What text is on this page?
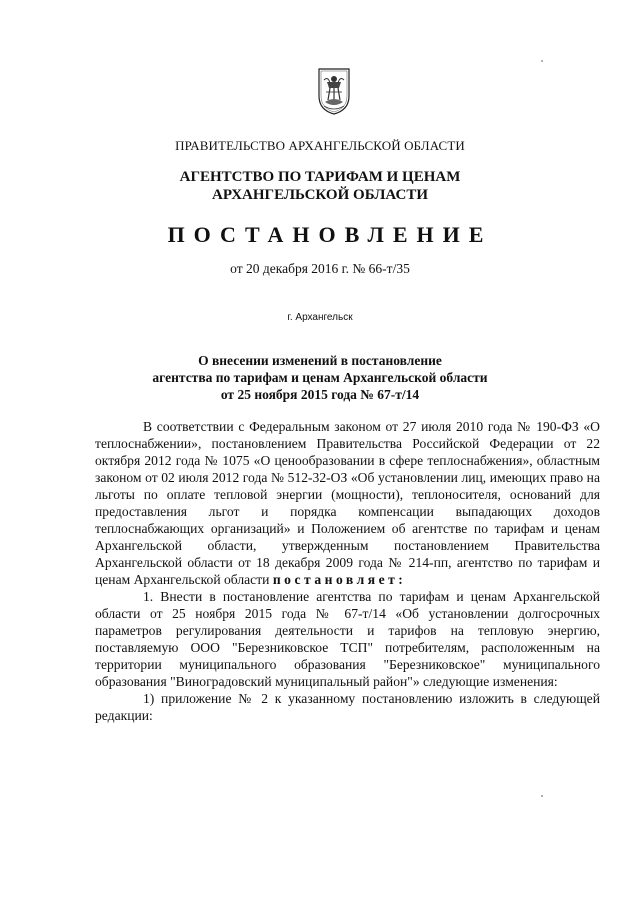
ПРАВИТЕЛЬСТВО АРХАНГЕЛЬСКОЙ ОБЛАСТИ
АГЕНТСТВО ПО ТАРИФАМ И ЦЕНАМ
АРХАНГЕЛЬСКОЙ ОБЛАСТИ
ПОСТАНОВЛЕНИЕ
от 20 декабря 2016 г. № 66-т/35
г. Архангельск
О внесении изменений в постановление
агентства по тарифам и ценам Архангельской области
от 25 ноября 2015 года № 67-т/14

В соответствии с Федеральным законом от 27 июля 2010 года № 190-ФЗ «О теплоснабжении», постановлением Правительства Российской Федерации от 22 октября 2012 года № 1075 «О ценообразовании в сфере теплоснабжения», областным законом от 02 июля 2012 года № 512-32-ОЗ «Об установлении лиц, имеющих право на льготы по оплате тепловой энергии (мощности), теплоносителя, оснований для предоставления льгот и порядка компенсации выпадающих доходов теплоснабжающих организаций» и Положением об агентстве по тарифам и ценам Архангельской области, утвержденным постановлением Правительства Архангельской области от 18 декабря 2009 года № 214-пп, агентство по тарифам и ценам Архангельской области постановляет:

1. Внести в постановление агентства по тарифам и ценам Архангельской области от 25 ноября 2015 года № 67-т/14 «Об установлении долгосрочных параметров регулирования деятельности и тарифов на тепловую энергию, поставляемую ООО "Березниковское ТСП" потребителям, расположенным на территории муниципального образования "Березниковское" муниципального образования "Виноградовский муниципальный район"» следующие изменения:

1) приложение № 2 к указанному постановлению изложить в следующей редакции:
